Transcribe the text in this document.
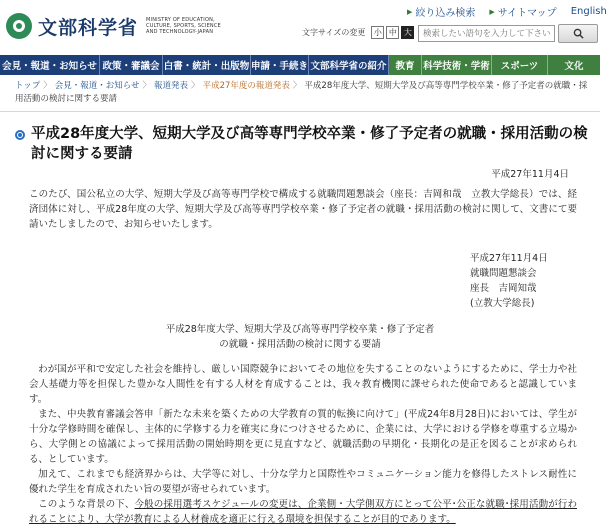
文部科学省 MINISTRY OF EDUCATION, CULTURE, SPORTS, SCIENCE AND TECHNOLOGY-JAPAN
▶ 絞り込み検索 ▶ サイトマップ English
文字サイズの変更	小 中 大
検索したい語句を入力して下さい。
会見・報道・お知らせ 政策・審議会 白書・統計・出版物 申請・手続き 文部科学省の紹介 教育 科学技術・学術	スポーツ	文化
トップ 〉 会見・報道・お知らせ 〉 報道発表 〉 平成27年度の報道発表 〉 平成28年度大学、短期大学及び高等専門学校卒業・修了予定者の就職・採用活動の検討に関する要請
平成28年度大学、短期大学及び高等専門学校卒業・修了予定者の就職・採用活動の検討に関する要請
平成27年11月4日

このたび、国公私立の大学、短期大学及び高等専門学校で構成する就職問題懇談会（座長：吉岡和哉　立教大学総長）では、経済団体に対し、平成28年度の大学、短期大学及び高等専門学校卒業・修了予定者の就職・採用活動の検討に関して、文書にて要請いたしましたので、お知らせいたします。

平成27年11月4日
就職問題懇談会
座長　吉岡知哉
(立教大学総長)
平成28年度大学、短期大学及び高等専門学校卒業・修了予定者
の就職・採用活動の検討に関する要請

わが国が平和で安定した社会を維持し、厳しい国際競争においてその地位を失することのないようにするために、学士力や社会人基礎力等を担保した豊かな人間性を有する人材を育成することは、我々教育機関に課せられた使命であると認識しています。

また、中央教育審議会答申「新たな未来を築くための大学教育の質的転換に向けて」(平成24年8月28日)においては、学生が十分な学修時間を確保し、主体的に学修する力を確実に身につけさせるために、企業には、大学における学修を尊重する立場から、大学側との協議によって採用活動の開始時期を更に見直すなど、就職活動の早期化・長期化の是正を図ることが求められる、としています。

加えて、これまでも経済界からは、大学等に対し、十分な学力と国際性やコミュニケーション能力を修得したストレス耐性に優れた学生を育成されたい旨の要望が寄せられています。

このような背景の下、今般の採用選考スケジュールの変更は、企業側・大学側双方にとって公平･公正な就職･採用活動が行われることにより、大学が教育による人材養成を適正に行える環境を担保することが目的であります。
